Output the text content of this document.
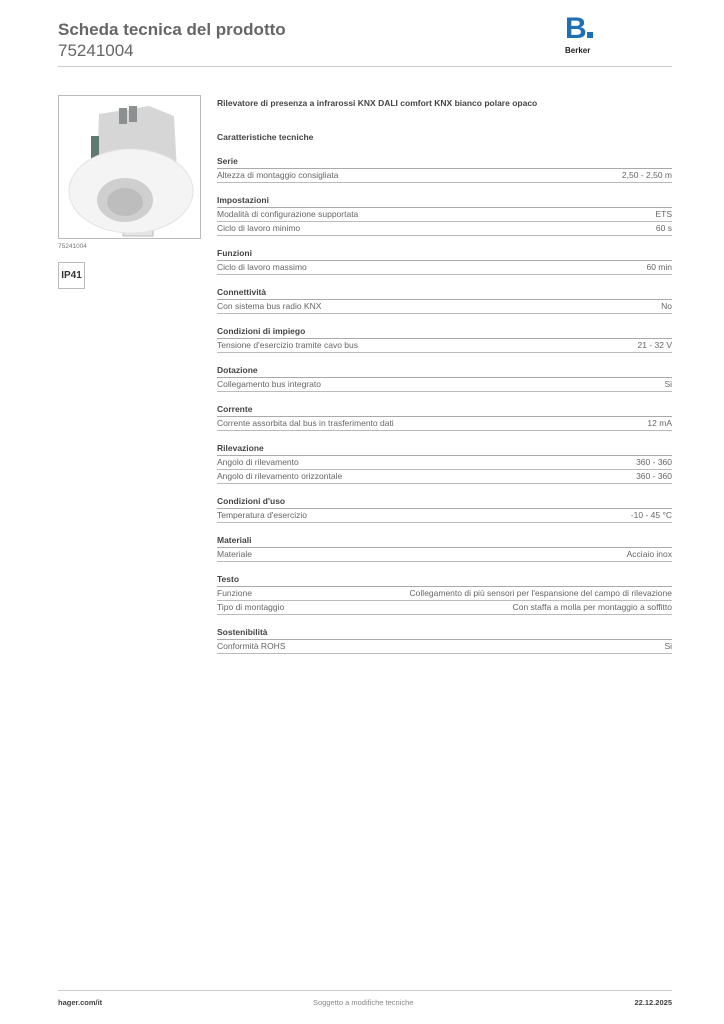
Scheda tecnica del prodotto
75241004
B
Berker
75241004
IP41
Rilevatore di presenza a infrarossi KNX DALI comfort KNX bianco polare opaco
Caratteristiche tecniche
Serie
Altezza di montaggio consigliata	2,50 - 2,50 m
Impostazioni
Modalità di configurazione supportata	ETS
Ciclo di lavoro minimo	60 s
Funzioni
Ciclo di lavoro massimo	60 min
Connettività
Con sistema bus radio KNX	No
Condizioni di impiego
Tensione d'esercizio tramite cavo bus	21 - 32 V
Dotazione
Collegamento bus integrato	Si
Corrente
Corrente assorbita dal bus in trasferimento dati	12 mA
Rilevazione
Angolo di rilevamento	360 - 360
Angolo di rilevamento orizzontale	360 - 360
Condizioni d'uso
Temperatura d'esercizio	-10 - 45 °C
Materiali
Materiale	Acciaio inox
Testo
Funzione	Collegamento di più sensori per l'espansione del campo di rilevazione
Tipo di montaggio	Con staffa a molla per montaggio a soffitto
Sostenibilità
Conformità ROHS	Si
hager.com/it	Soggetto a modifiche tecniche	22.12.2025
